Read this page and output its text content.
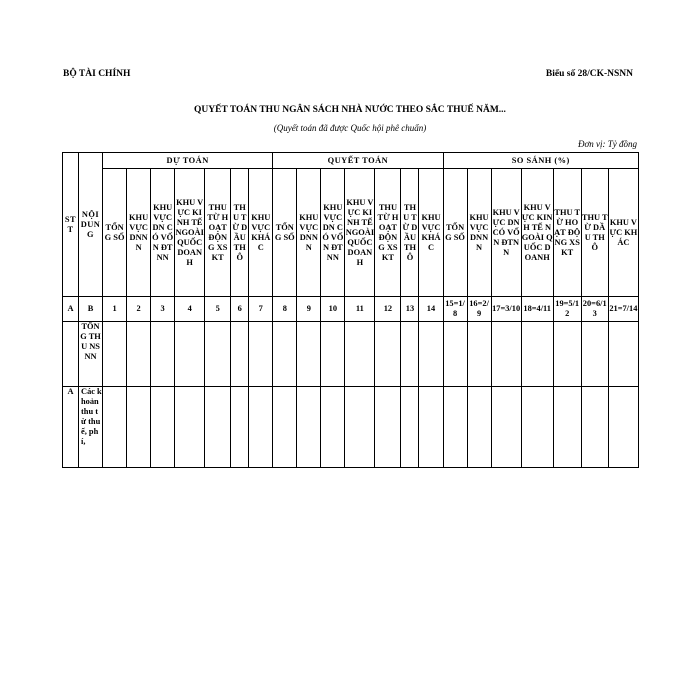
BỘ TÀI CHÍNH	Biểu số 28/CK-NSNN
QUYẾT TOÁN THU NGÂN SÁCH NHÀ NƯỚC THEO SẮC THUẾ NĂM...
(Quyết toán đã được Quốc hội phê chuẩn)
Đơn vị: Tỷ đồng
STT	NỘI DUNG	DỰ TOÁN							QUYẾT TOÁN							SO SÁNH (%)						
		TỔNG SỐ	KHU VỰC DNNN	KHU VỰC DN CÓ VỐN ĐTNN	KHU VỰC KINH TẾ NGOÀI QUỐC DOANH	THU TỪ HOẠT ĐỘNG XSKT	THU TỪ DẦU THÔ	KHU VỰC KHÁC	TỔNG SỐ	KHU VỰC DNNN	KHU VỰC DN CÓ VỐN ĐTNN	KHU VỰC KINH TẾ NGOÀI QUỐC DOANH	THU TỪ HOẠT ĐỘNG XSKT	THU TỪ DẦU THÔ	KHU VỰC KHÁC	TỔNG SỐ	KHU VỰC DNNN	KHU VỰC DN CÓ VỐN ĐTNN	KHU VỰC KINH TẾ NGOÀI QUỐC DOANH	THU TỪ HOẠT ĐỘNG XSKT	THU TỪ DẦU THÔ	KHU VỰC KHÁC
A	B	1	2	3	4	5	6	7	8	9	10	11	12	13	14	15=1/8	16=2/9	17=3/10	18=4/11	19=5/12	20=6/13	21=7/14
	TỔNG THU NSNN																					
A	Các khoản thu từ thuế, phí,																					
